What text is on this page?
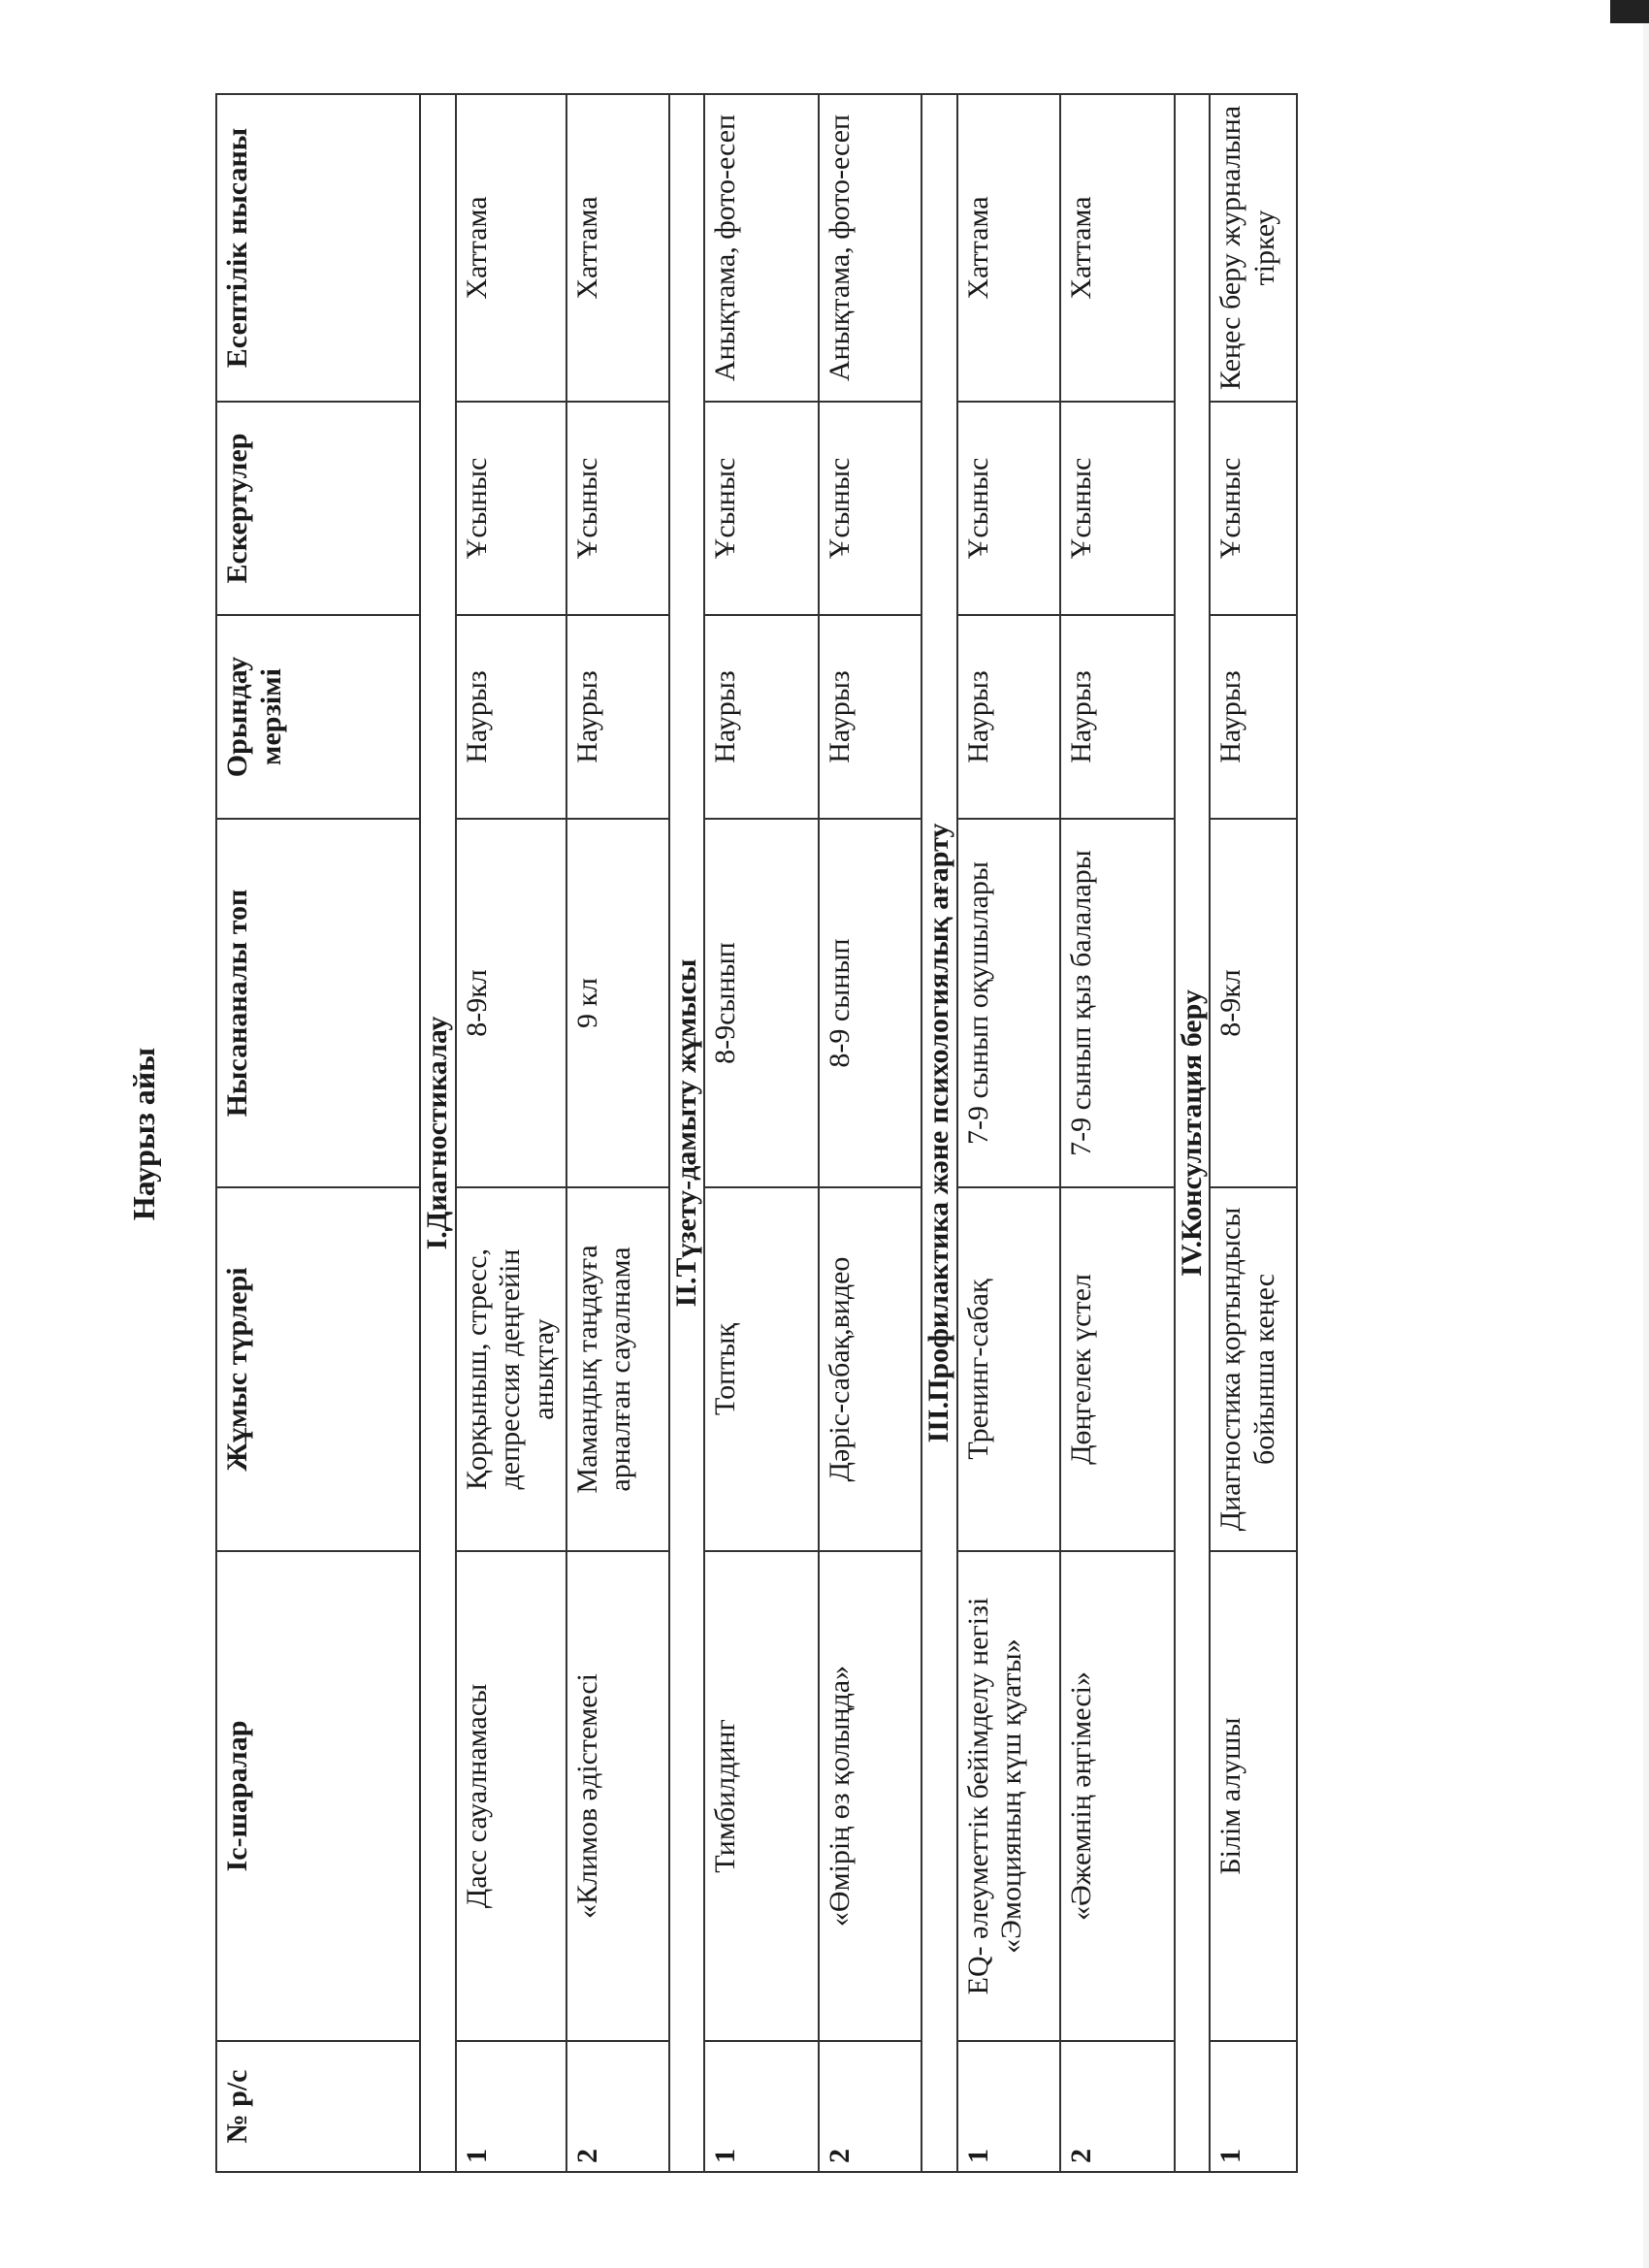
Наурыз айы
№ р/с	Іс-шаралар	Жұмыс түрлері	Нысананалы топ	Орындау мерзімі	Ескертулер	Есептілік нысаны
І.Диагностикалау						
1	Дасс сауалнамасы	Қорқыныш, стресс, депрессия деңгейін анықтау	8-9кл	Наурыз	Ұсыныс	Хаттама
2	«Климов әдістемесі	Мамандық таңдауға арналған сауалнама	9 кл	Наурыз	Ұсыныс	Хаттама
ІІ.Түзету-дамыту жұмысы						
1	Тимбилдинг	Топтық	8-9сынып	Наурыз	Ұсыныс	Анықтама, фото-есеп
2	«Өмірің өз қолыңда»	Дәріс-сабақ,видео	8-9 сынып	Наурыз	Ұсыныс	Анықтама, фото-есеп
ІІІ.Профилактика және психологиялық ағарту						
1	EQ- әлеуметтік бейімделу негізі «Эмоцияның күш қуаты»	Тренинг-сабақ	7-9 сынып оқушылары	Наурыз	Ұсыныс	Хаттама
2	«Әжемнің әңгімесі»	Дөңгелек үстел	7-9 сынып қыз балалары	Наурыз	Ұсыныс	Хаттама
ІV.Консультация беру						
1	Білім алушы	Диагностика қортындысы бойынша кеңес	8-9кл	Наурыз	Ұсыныс	Кеңес беру журналына тіркеу
